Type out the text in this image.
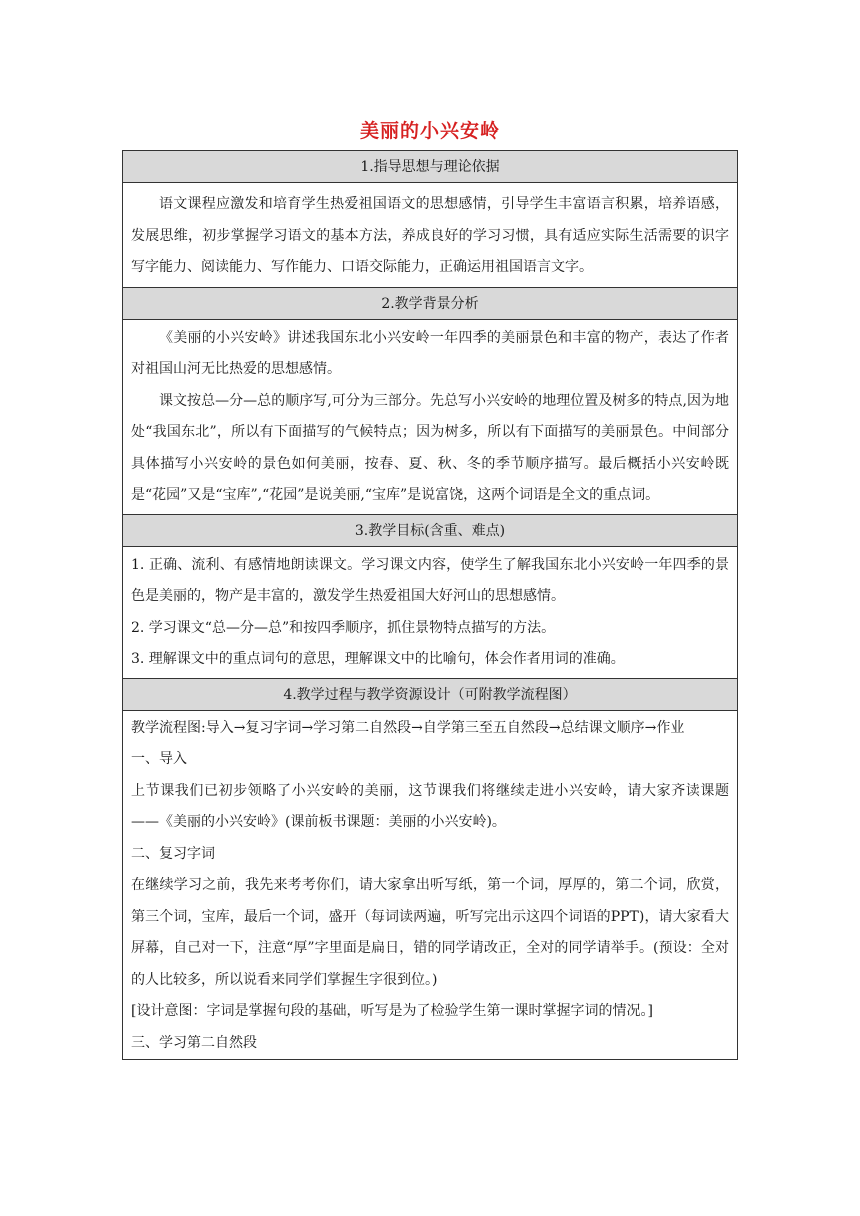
美丽的小兴安岭
1.指导思想与理论依据

语文课程应激发和培育学生热爱祖国语文的思想感情，引导学生丰富语言积累，培养语感，发展思维，初步掌握学习语文的基本方法，养成良好的学习习惯，具有适应实际生活需要的识字写字能力、阅读能力、写作能力、口语交际能力，正确运用祖国语言文字。

2.教学背景分析

《美丽的小兴安岭》讲述我国东北小兴安岭一年四季的美丽景色和丰富的物产，表达了作者对祖国山河无比热爱的思想感情。

课文按总—分—总的顺序写,可分为三部分。先总写小兴安岭的地理位置及树多的特点,因为地处“我国东北”，所以有下面描写的气候特点；因为树多，所以有下面描写的美丽景色。中间部分具体描写小兴安岭的景色如何美丽，按春、夏、秋、冬的季节顺序描写。最后概括小兴安岭既是“花园”又是“宝库”,“花园”是说美丽,“宝库”是说富饶，这两个词语是全文的重点词。

3.教学目标(含重、难点)

1. 正确、流利、有感情地朗读课文。学习课文内容，使学生了解我国东北小兴安岭一年四季的景色是美丽的，物产是丰富的，激发学生热爱祖国大好河山的思想感情。

2. 学习课文“总—分—总”和按四季顺序，抓住景物特点描写的方法。

3. 理解课文中的重点词句的意思，理解课文中的比喻句，体会作者用词的准确。

4.教学过程与教学资源设计（可附教学流程图）

教学流程图:导入→复习字词→学习第二自然段→自学第三至五自然段→总结课文顺序→作业

一、导入

上节课我们已初步领略了小兴安岭的美丽，这节课我们将继续走进小兴安岭，请大家齐读课题——《美丽的小兴安岭》(课前板书课题：美丽的小兴安岭)。

二、复习字词

在继续学习之前，我先来考考你们，请大家拿出听写纸，第一个词，厚厚的，第二个词，欣赏，第三个词，宝库，最后一个词，盛开（每词读两遍，听写完出示这四个词语的PPT)，请大家看大屏幕，自己对一下，注意“厚”字里面是扁日，错的同学请改正，全对的同学请举手。(预设：全对的人比较多，所以说看来同学们掌握生字很到位。)

[设计意图：字词是掌握句段的基础，听写是为了检验学生第一课时掌握字词的情况。]

三、学习第二自然段
